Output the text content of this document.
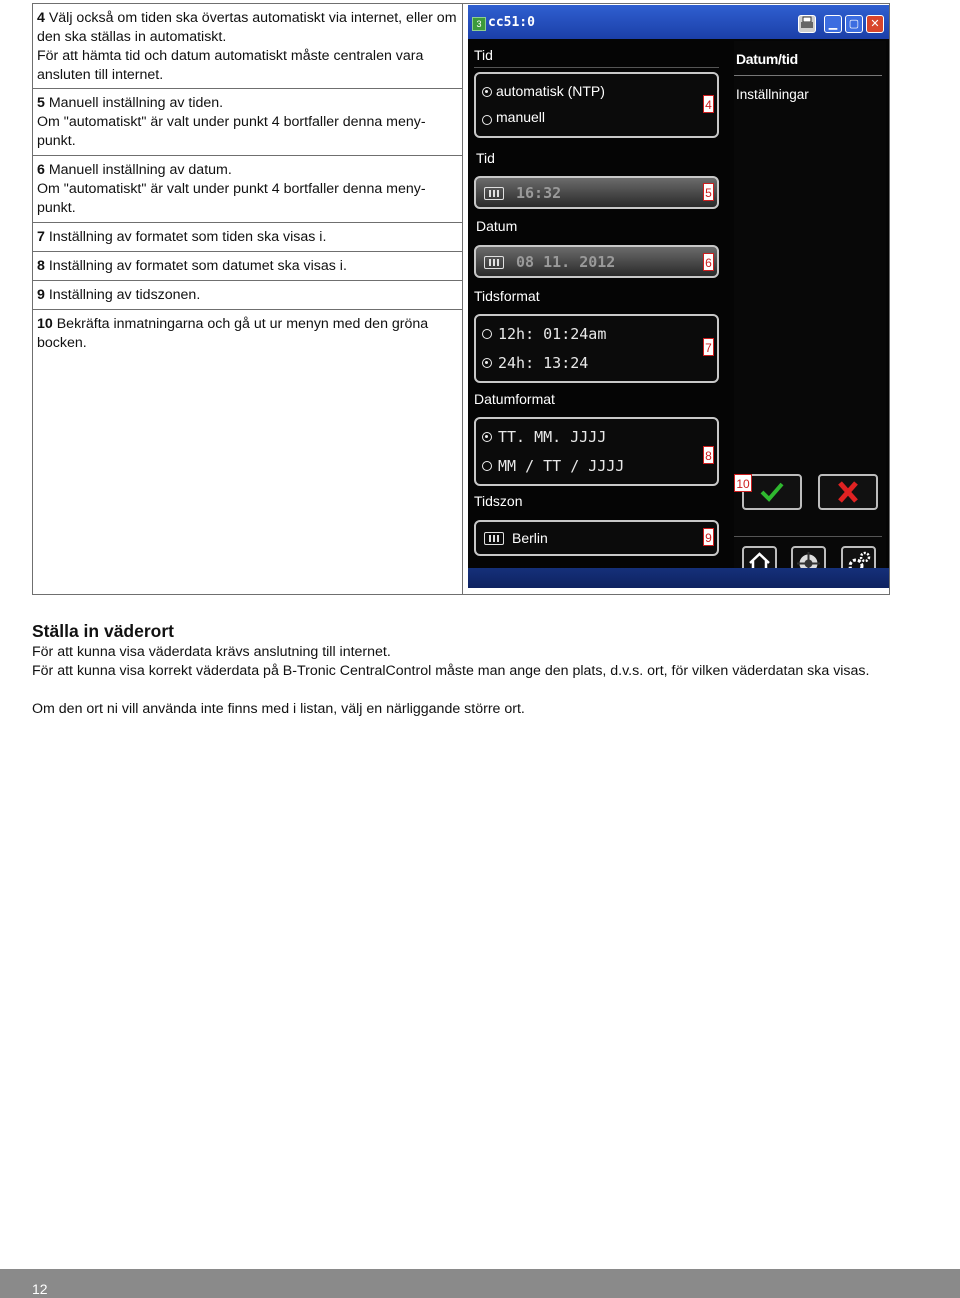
4 Välj också om tiden ska övertas automatiskt via internet, eller om den ska ställas in automatiskt.
För att hämta tid och datum automatiskt måste centralen vara ansluten till internet.
5 Manuell inställning av tiden.
Om "automatiskt" är valt under punkt 4 bortfaller denna menypunkt.
6 Manuell inställning av datum.
Om "automatiskt" är valt under punkt 4 bortfaller denna menypunkt.
7 Inställning av formatet som tiden ska visas i.
8 Inställning av formatet som datumet ska visas i.
9 Inställning av tidszonen.
10 Bekräfta inmatningarna och gå ut ur menyn med den gröna bocken.
3 cc51:0	▁	▢	✕
Tid
automatisk (NTP)
manuell
4
Tid
16:32	5
Datum
08 11. 2012	6
Tidsformat
12h: 01:24am
24h: 13:24
7
Datumformat
TT. MM. JJJJ
MM / TT / JJJJ
8
Tidszon
Berlin	9
Datum/tid
Inställningar
10
Ställa in väderort
För att kunna visa väderdata krävs anslutning till internet.
För att kunna visa korrekt väderdata på B-Tronic CentralControl måste man ange den plats, d.v.s. ort, för vilken väderdatan ska visas.
Om den ort ni vill använda inte finns med i listan, välj en närliggande större ort.
12
